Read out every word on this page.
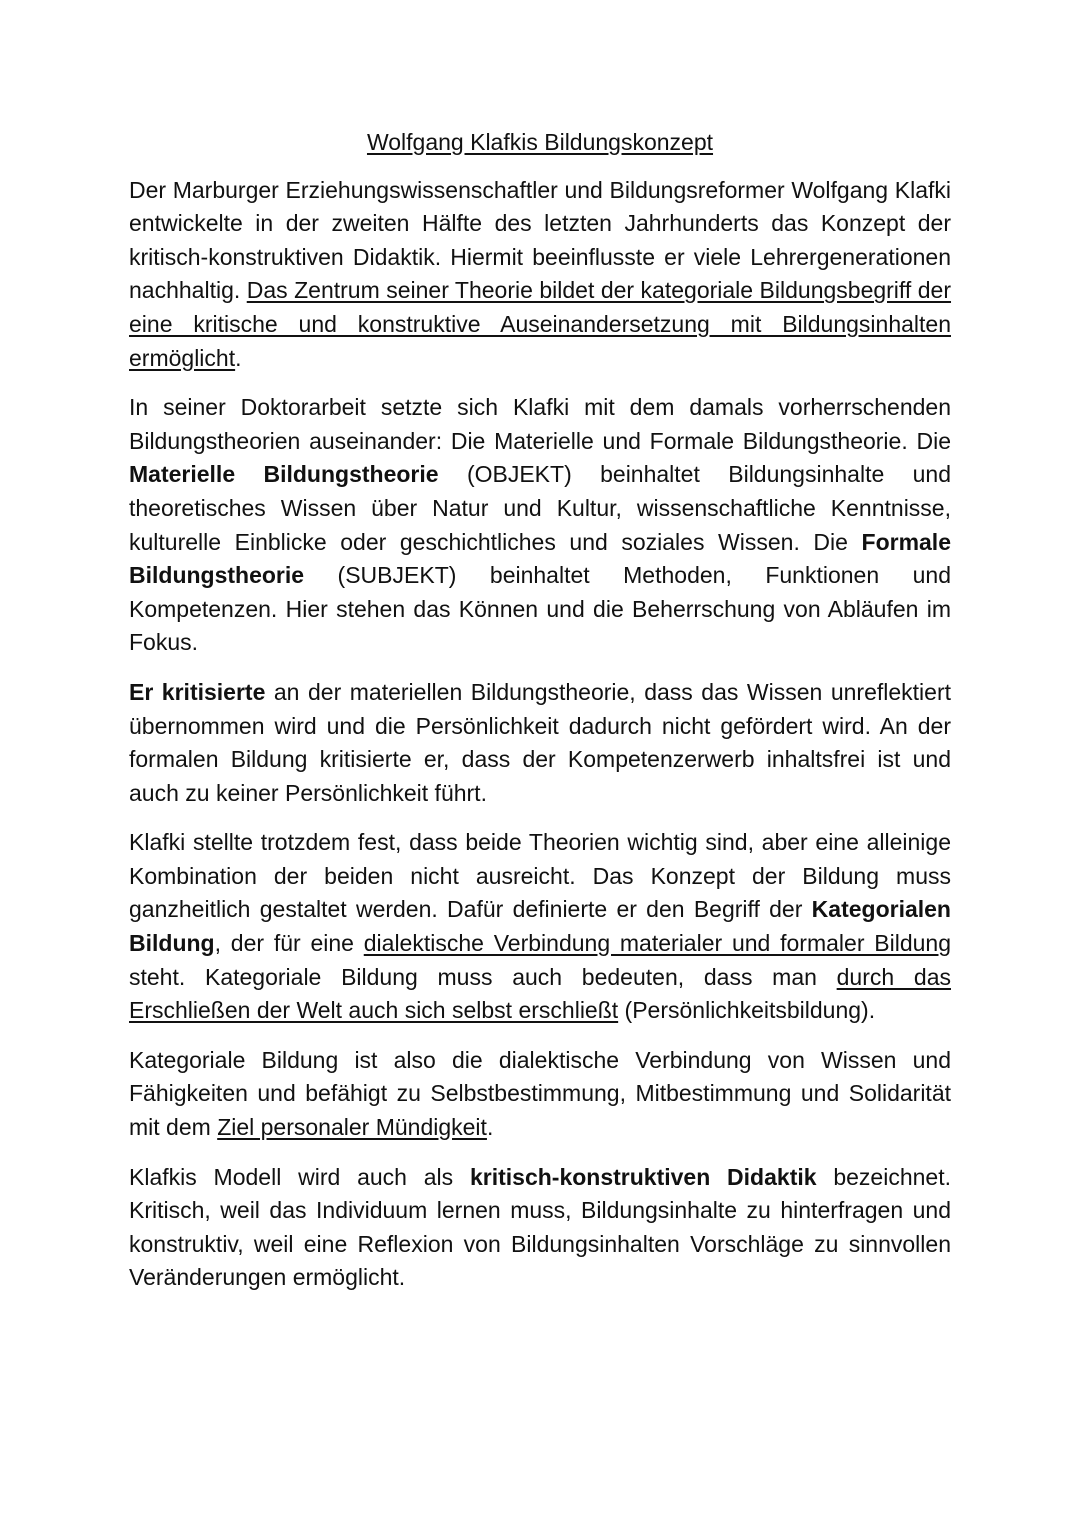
Wolfgang Klafkis Bildungskonzept

Der Marburger Erziehungswissenschaftler und Bildungsreformer Wolfgang Klafki entwickelte in der zweiten Hälfte des letzten Jahrhunderts das Konzept der kritisch-konstruktiven Didaktik. Hiermit beeinflusste er viele Lehrergenerationen nachhaltig. Das Zentrum seiner Theorie bildet der kategoriale Bildungsbegriff der eine kritische und konstruktive Auseinandersetzung mit Bildungsinhalten ermöglicht.

In seiner Doktorarbeit setzte sich Klafki mit dem damals vorherrschenden Bildungstheorien auseinander: Die Materielle und Formale Bildungstheorie. Die Materielle Bildungstheorie (OBJEKT) beinhaltet Bildungsinhalte und theoretisches Wissen über Natur und Kultur, wissenschaftliche Kenntnisse, kulturelle Einblicke oder geschichtliches und soziales Wissen. Die Formale Bildungstheorie (SUBJEKT) beinhaltet Methoden, Funktionen und Kompetenzen. Hier stehen das Können und die Beherrschung von Abläufen im Fokus.

Er kritisierte an der materiellen Bildungstheorie, dass das Wissen unreflektiert übernommen wird und die Persönlichkeit dadurch nicht gefördert wird. An der formalen Bildung kritisierte er, dass der Kompetenzerwerb inhaltsfrei ist und auch zu keiner Persönlichkeit führt.

Klafki stellte trotzdem fest, dass beide Theorien wichtig sind, aber eine alleinige Kombination der beiden nicht ausreicht. Das Konzept der Bildung muss ganzheitlich gestaltet werden. Dafür definierte er den Begriff der Kategorialen Bildung, der für eine dialektische Verbindung materialer und formaler Bildung steht. Kategoriale Bildung muss auch bedeuten, dass man durch das Erschließen der Welt auch sich selbst erschließt (Persönlichkeitsbildung).

Kategoriale Bildung ist also die dialektische Verbindung von Wissen und Fähigkeiten und befähigt zu Selbstbestimmung, Mitbestimmung und Solidarität mit dem Ziel personaler Mündigkeit.

Klafkis Modell wird auch als kritisch-konstruktiven Didaktik bezeichnet. Kritisch, weil das Individuum lernen muss, Bildungsinhalte zu hinterfragen und konstruktiv, weil eine Reflexion von Bildungsinhalten Vorschläge zu sinnvollen Veränderungen ermöglicht.
